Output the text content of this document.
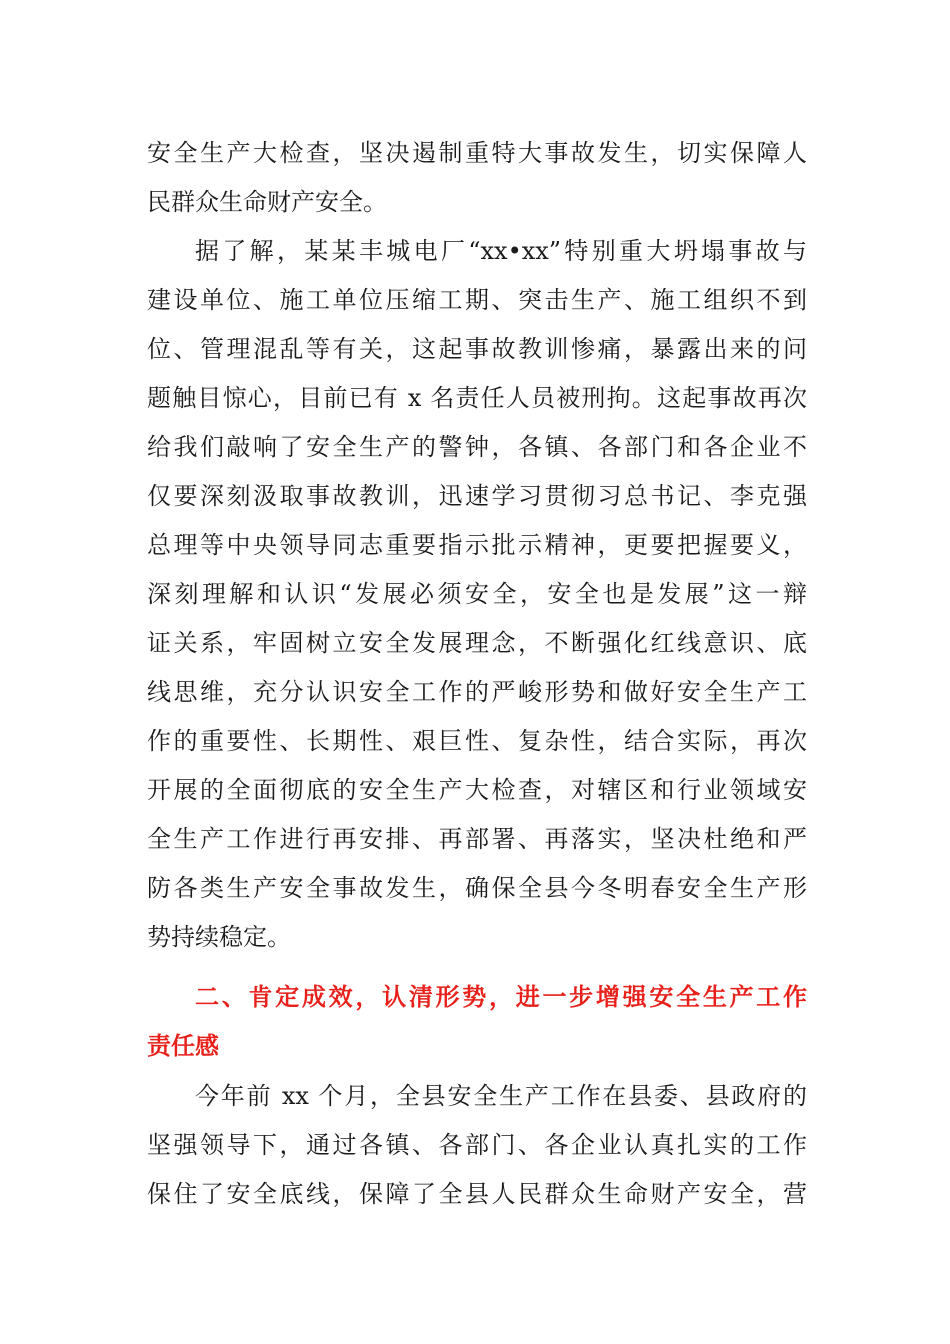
安全生产大检查，坚决遏制重特大事故发生，切实保障人
民群众生命财产安全。
据了解，某某丰城电厂“xx•xx”特别重大坍塌事故与
建设单位、施工单位压缩工期、突击生产、施工组织不到
位、管理混乱等有关，这起事故教训惨痛，暴露出来的问
题触目惊心，目前已有 x 名责任人员被刑拘。这起事故再次
给我们敲响了安全生产的警钟，各镇、各部门和各企业不
仅要深刻汲取事故教训，迅速学习贯彻习总书记、李克强
总理等中央领导同志重要指示批示精神，更要把握要义，
深刻理解和认识“发展必须安全，安全也是发展”这一辩
证关系，牢固树立安全发展理念，不断强化红线意识、底
线思维，充分认识安全工作的严峻形势和做好安全生产工
作的重要性、长期性、艰巨性、复杂性，结合实际，再次
开展的全面彻底的安全生产大检查，对辖区和行业领域安
全生产工作进行再安排、再部署、再落实，坚决杜绝和严
防各类生产安全事故发生，确保全县今冬明春安全生产形
势持续稳定。
二、肯定成效，认清形势，进一步增强安全生产工作
责任感
今年前 xx 个月，全县安全生产工作在县委、县政府的
坚强领导下，通过各镇、各部门、各企业认真扎实的工作
保住了安全底线，保障了全县人民群众生命财产安全，营
